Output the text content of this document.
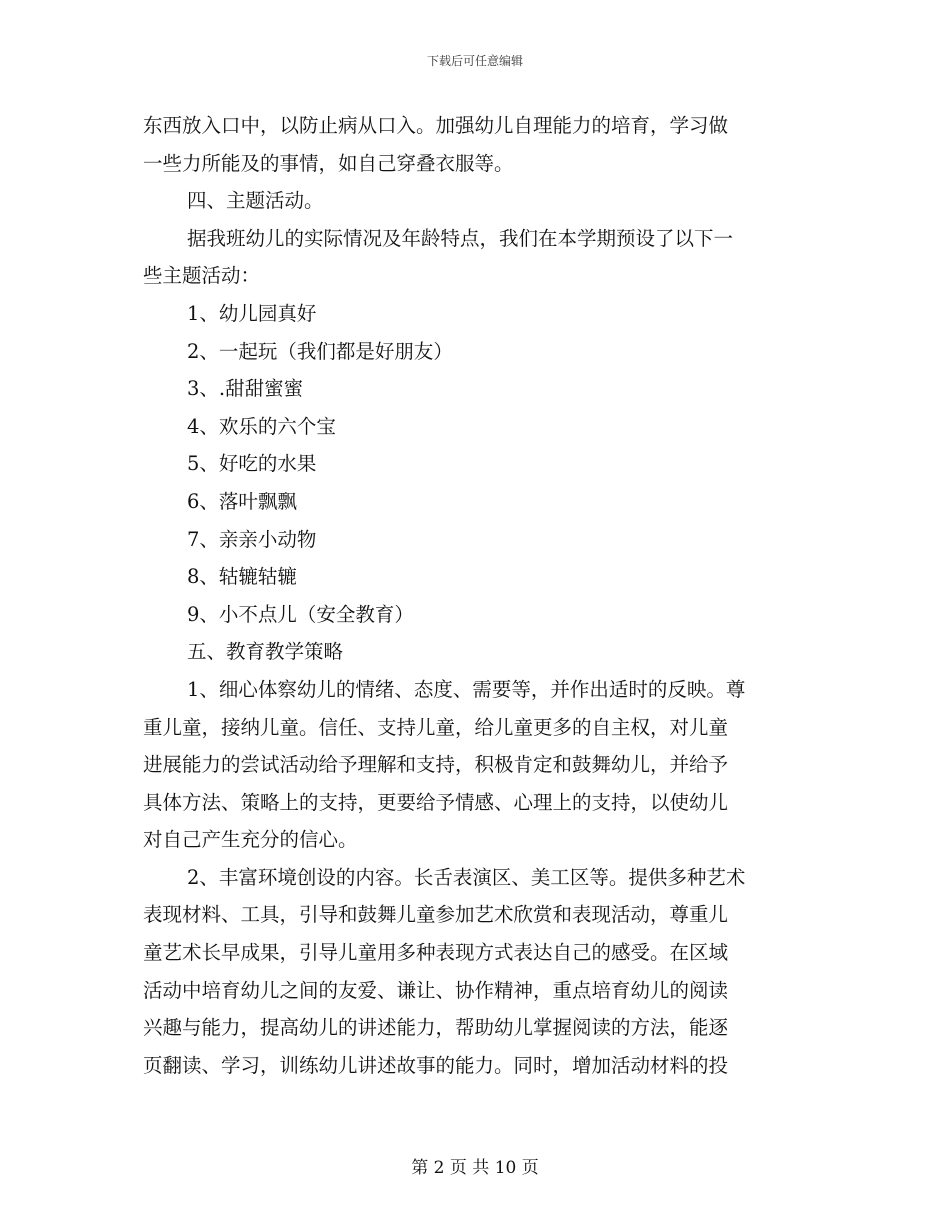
下载后可任意编辑
东西放入口中，以防止病从口入。加强幼儿自理能力的培育，学习做
一些力所能及的事情，如自己穿叠衣服等。
四、主题活动。
据我班幼儿的实际情况及年龄特点，我们在本学期预设了以下一
些主题活动：
1、幼儿园真好
2、一起玩（我们都是好朋友）
3、.甜甜蜜蜜
4、欢乐的六个宝
5、好吃的水果
6、落叶飘飘
7、亲亲小动物
8、轱辘轱辘
9、小不点儿（安全教育）
五、教育教学策略
1、细心体察幼儿的情绪、态度、需要等，并作出适时的反映。尊
重儿童，接纳儿童。信任、支持儿童，给儿童更多的自主权，对儿童
进展能力的尝试活动给予理解和支持，积极肯定和鼓舞幼儿，并给予
具体方法、策略上的支持，更要给予情感、心理上的支持，以使幼儿
对自己产生充分的信心。
2、丰富环境创设的内容。长舌表演区、美工区等。提供多种艺术
表现材料、工具，引导和鼓舞儿童参加艺术欣赏和表现活动，尊重儿
童艺术长早成果，引导儿童用多种表现方式表达自己的感受。在区域
活动中培育幼儿之间的友爱、谦让、协作精神，重点培育幼儿的阅读
兴趣与能力，提高幼儿的讲述能力，帮助幼儿掌握阅读的方法，能逐
页翻读、学习，训练幼儿讲述故事的能力。同时，增加活动材料的投
第 2 页 共 10 页
